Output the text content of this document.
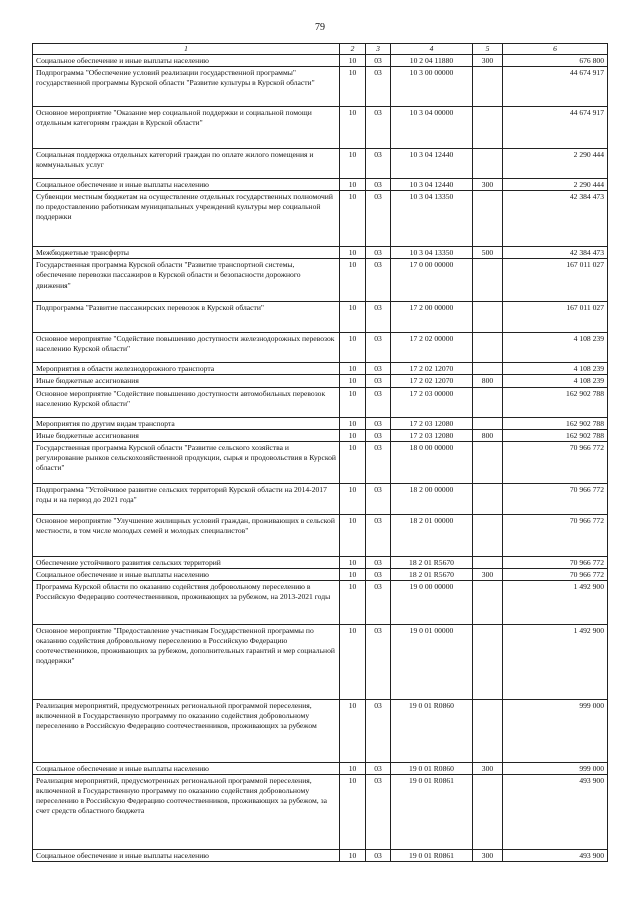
79
1	2	3	4	5	6
Социальное обеспечение и иные выплаты населению	10	03	10 2 04 11880	300	676 800
Подпрограмма "Обеспечение условий реализации государственной программы" государственной программы Курской области "Развитие культуры в Курской области"	10	03	10 3 00 00000		44 674 917
Основное мероприятие "Оказание мер социальной поддержки и социальной помощи отдельным категориям граждан в Курской области"	10	03	10 3 04 00000		44 674 917
Социальная поддержка отдельных категорий граждан по оплате жилого помещения и коммунальных услуг	10	03	10 3 04 12440		2 290 444
Социальное обеспечение и иные выплаты населению	10	03	10 3 04 12440	300	2 290 444
Субвенции местным бюджетам на осуществление отдельных государственных полномочий по предоставлению работникам муниципальных учреждений культуры мер социальной поддержки	10	03	10 3 04 13350		42 384 473
Межбюджетные трансферты	10	03	10 3 04 13350	500	42 384 473
Государственная программа Курской области "Развитие транспортной системы, обеспечение перевозки пассажиров в Курской области и безопасности дорожного движения"	10	03	17 0 00 00000		167 011 027
Подпрограмма "Развитие пассажирских перевозок в Курской области"	10	03	17 2 00 00000		167 011 027
Основное мероприятие "Содействие повышению доступности железнодорожных перевозок населению Курской области"	10	03	17 2 02 00000		4 108 239
Мероприятия в области железнодорожного транспорта	10	03	17 2 02 12070		4 108 239
Иные бюджетные ассигнования	10	03	17 2 02 12070	800	4 108 239
Основное мероприятие "Содействие повышению доступности автомобильных перевозок населению Курской области"	10	03	17 2 03 00000		162 902 788
Мероприятия по другим видам транспорта	10	03	17 2 03 12080		162 902 788
Иные бюджетные ассигнования	10	03	17 2 03 12080	800	162 902 788
Государственная программа Курской области "Развитие сельского хозяйства и регулирование рынков сельскохозяйственной продукции, сырья и продовольствия в Курской области"	10	03	18 0 00 00000		70 966 772
Подпрограмма "Устойчивое развитие сельских территорий Курской области на 2014-2017 годы и на период до 2021 года"	10	03	18 2 00 00000		70 966 772
Основное мероприятие "Улучшение жилищных условий граждан, проживающих в сельской местности, в том числе молодых семей и молодых специалистов"	10	03	18 2 01 00000		70 966 772
Обеспечение устойчивого развития сельских территорий	10	03	18 2 01 R5670		70 966 772
Социальное обеспечение и иные выплаты населению	10	03	18 2 01 R5670	300	70 966 772
Программа Курской области по оказанию содействия добровольному переселению в Российскую Федерацию соотечественников, проживающих за рубежом, на 2013-2021 годы	10	03	19 0 00 00000		1 492 900
Основное мероприятие "Предоставление участникам Государственной программы по оказанию содействия добровольному переселению в Российскую Федерацию соотечественников, проживающих за рубежом, дополнительных гарантий и мер социальной поддержки"	10	03	19 0 01 00000		1 492 900
Реализация мероприятий, предусмотренных региональной программой переселения, включенной в Государственную программу по оказанию содействия добровольному переселению в Российскую Федерацию соотечественников, проживающих за рубежом	10	03	19 0 01 R0860		999 000
Социальное обеспечение и иные выплаты населению	10	03	19 0 01 R0860	300	999 000
Реализация мероприятий, предусмотренных региональной программой переселения, включенной в Государственную программу по оказанию содействия добровольному переселению в Российскую Федерацию соотечественников, проживающих за рубежом, за счет средств областного бюджета	10	03	19 0 01 R0861		493 900
Социальное обеспечение и иные выплаты населению	10	03	19 0 01 R0861	300	493 900
